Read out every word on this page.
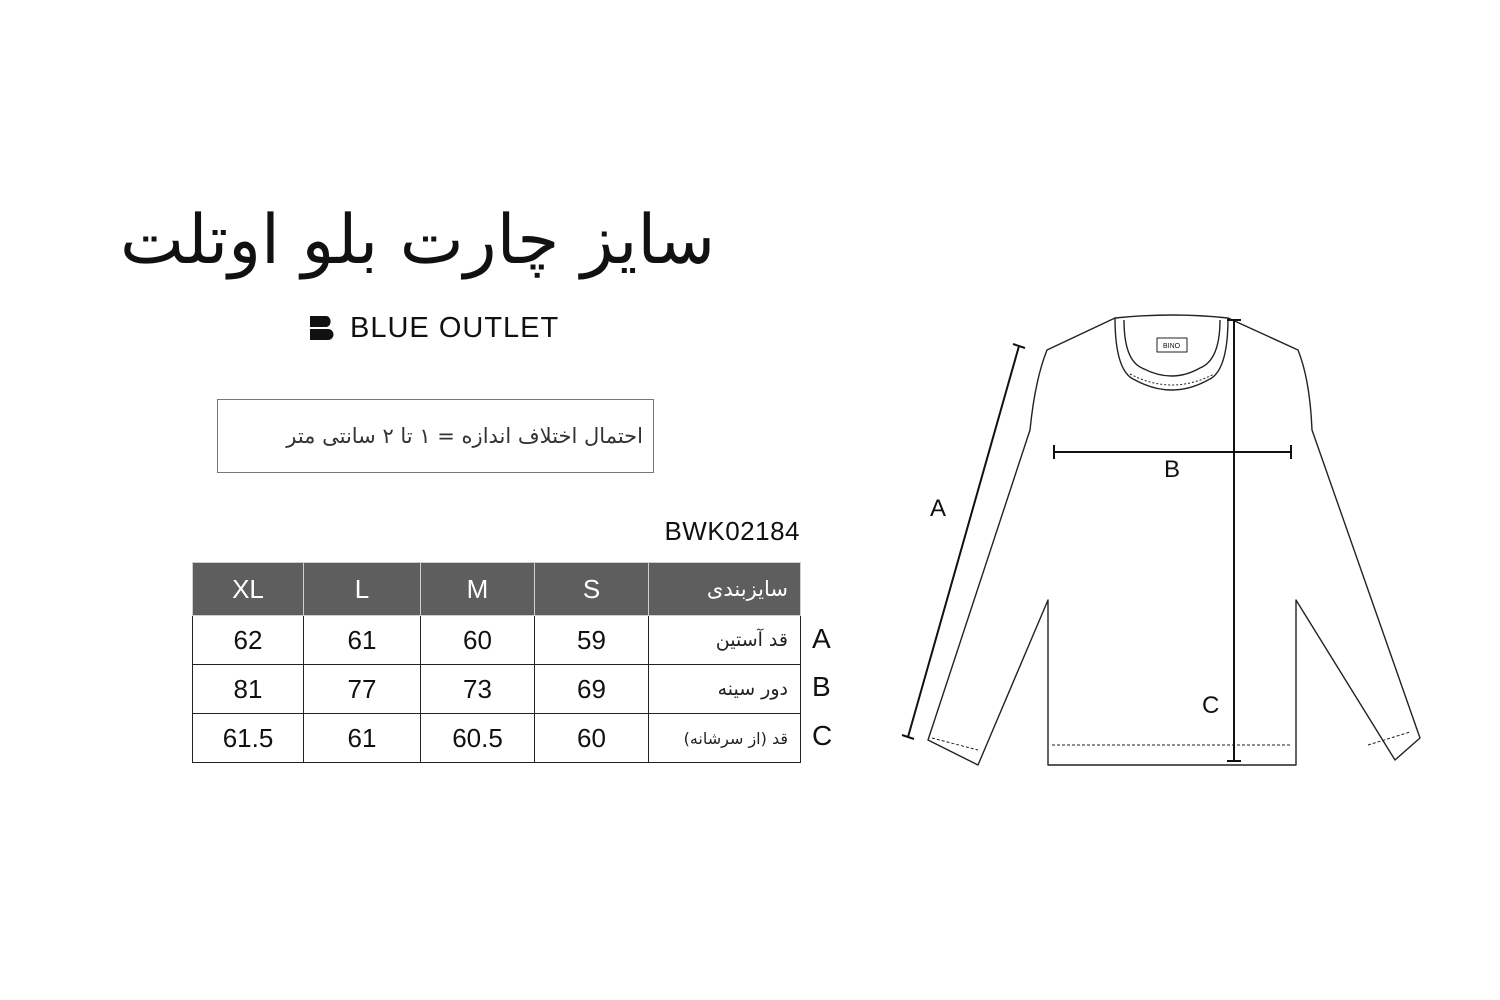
سایز چارت بلو اوتلت
BLUE OUTLET
احتمال اختلاف اندازه = ۱ تا ۲ سانتی متر
BWK02184
XL	L	M	S	سایزبندی
62	61	60	59	قد آستین
81	77	73	69	دور سینه
61.5	61	60.5	60	قد (از سرشانه)
A
B
C
BINO
A
B
C
